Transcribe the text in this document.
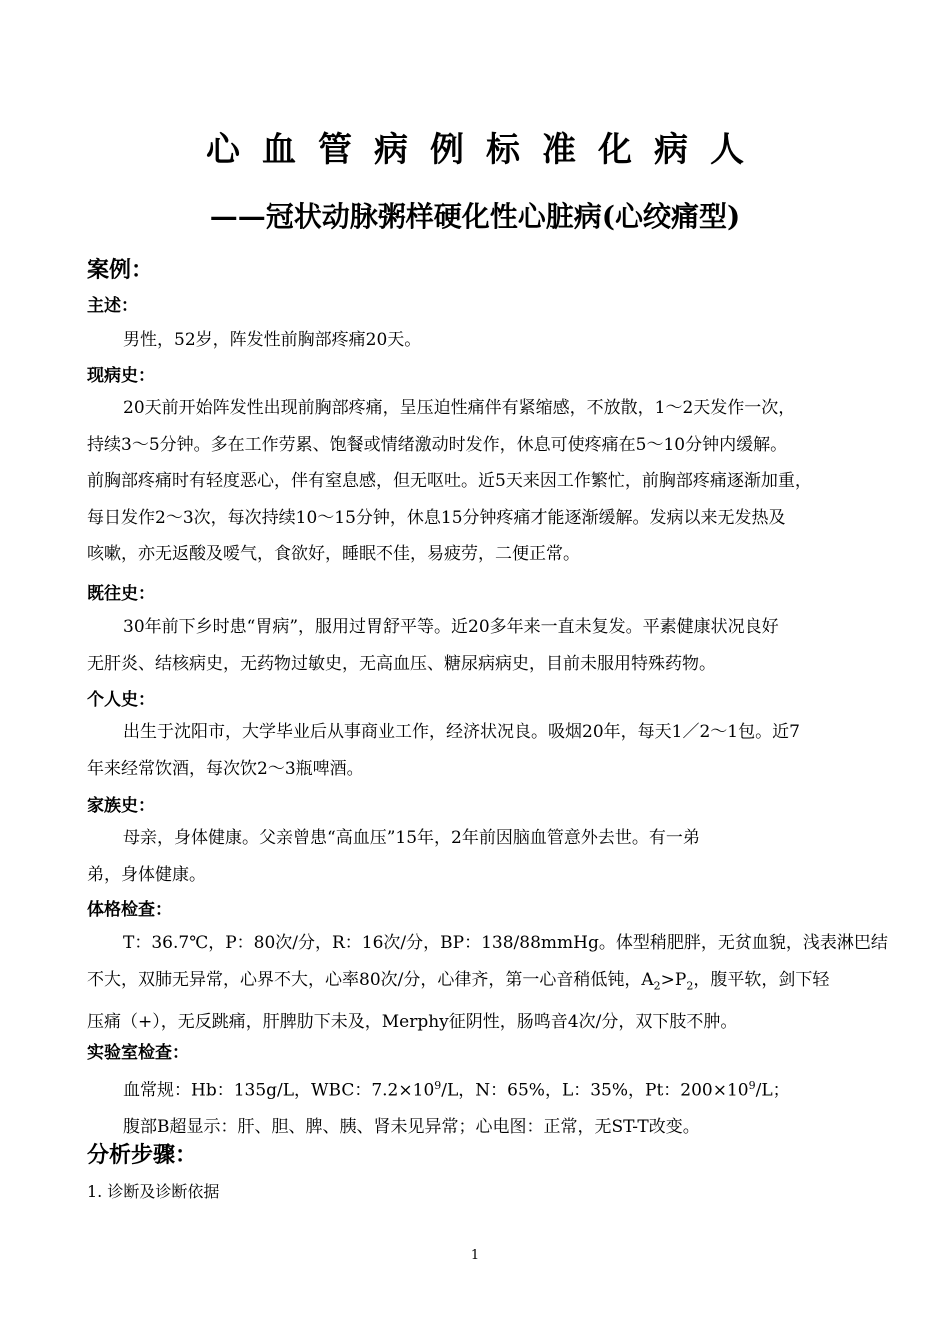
心血管病例标准化病人
——冠状动脉粥样硬化性心脏病(心绞痛型)
案例：
主述：
男性，52岁，阵发性前胸部疼痛20天。
现病史：
20天前开始阵发性出现前胸部疼痛，呈压迫性痛伴有紧缩感，不放散，1～2天发作一次，
持续3～5分钟。多在工作劳累、饱餐或情绪激动时发作，休息可使疼痛在5～10分钟内缓解。
前胸部疼痛时有轻度恶心，伴有窒息感，但无呕吐。近5天来因工作繁忙，前胸部疼痛逐渐加重，
每日发作2～3次，每次持续10～15分钟，休息15分钟疼痛才能逐渐缓解。发病以来无发热及
咳嗽，亦无返酸及嗳气，食欲好，睡眠不佳，易疲劳，二便正常。
既往史：
30年前下乡时患“胃病”，服用过胃舒平等。近20多年来一直未复发。平素健康状况良好
无肝炎、结核病史，无药物过敏史，无高血压、糖尿病病史，目前未服用特殊药物。
个人史：
出生于沈阳市，大学毕业后从事商业工作，经济状况良。吸烟20年，每天1／2～1包。近7
年来经常饮酒，每次饮2～3瓶啤酒。
家族史：
母亲，身体健康。父亲曾患“高血压”15年，2年前因脑血管意外去世。有一弟
弟，身体健康。
体格检查：
T：36.7℃，P：80次/分，R：16次/分，BP：138/88mmHg。体型稍肥胖，无贫血貌，浅表淋巴结
不大，双肺无异常，心界不大，心率80次/分，心律齐，第一心音稍低钝，$A_2>P_2$，腹平软，剑下轻
压痛（+），无反跳痛，肝脾肋下未及，Merphy征阴性，肠鸣音4次/分，双下肢不肿。
实验室检查：
血常规：Hb：135g/L，WBC：$7.2\times 10^9/L$，N：65%，L：35%，Pt：$200\times 10^9/L$；
腹部B超显示：肝、胆、脾、胰、肾未见异常；心电图：正常，无ST-T改变。
分析步骤：
1. 诊断及诊断依据
1
